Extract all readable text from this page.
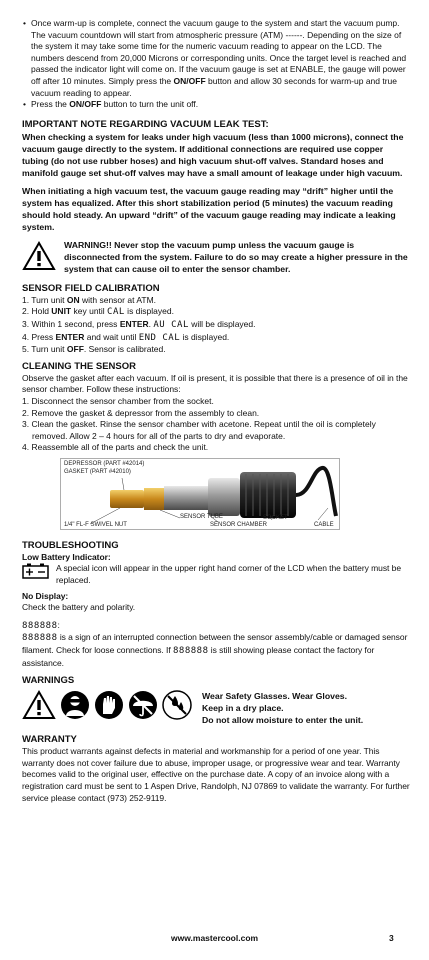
• Once warm-up is complete, connect the vacuum gauge to the system and start the vacuum pump. The vacuum countdown will start from atmospheric pressure (ATM) ------. Depending on the size of the system it may take some time for the numeric vacuum reading to appear on the LCD. The numbers descend from 20,000 Microns or corresponding units. Once the target level is reached and passed the indicator light will come on. If the vacuum gauge is set at ENABLE, the gauge will power off after 10 minutes. Simply press the ON/OFF button and allow 30 seconds for warm-up and true vacuum reading to appear.
• Press the ON/OFF button to turn the unit off.
IMPORTANT NOTE REGARDING VACUUM LEAK TEST:

When checking a system for leaks under high vacuum (less than 1000 microns), connect the vacuum gauge directly to the system. If additional connections are required use copper tubing (do not use rubber hoses) and high vacuum shut-off valves. Standard hoses and manifold gauge set shut-off valves may have a small amount of leakage under high vacuum.

When initiating a high vacuum test, the vacuum gauge reading may “drift” higher until the system has equalized. After this short stabilization period (5 minutes) the vacuum reading should hold steady. An upward “drift” of the vacuum gauge reading may indicate a leaking system.

WARNING!! Never stop the vacuum pump unless the vacuum gauge is disconnected from the system. Failure to do so may create a higher pressure in the system that can cause oil to enter the sensor chamber.

SENSOR FIELD CALIBRATION
1. Turn unit ON with sensor at ATM.
2. Hold UNIT key until CAL is displayed.
3. Within 1 second, press ENTER. AU CAL will be displayed.
4. Press ENTER and wait until END CAL is displayed.
5. Turn unit OFF. Sensor is calibrated.
CLEANING THE SENSOR

Observe the gasket after each vacuum. If oil is present, it is possible that there is a presence of oil in the sensor chamber. Follow these instructions:

1. Disconnect the sensor chamber from the socket.
2. Remove the gasket & depressor from the assembly to clean.
3. Clean the gasket. Rinse the sensor chamber with acetone. Repeat until the oil is completely removed. Allow 2 – 4 hours for all of the parts to dry and evaporate.
4. Reassemble all of the parts and check the unit.
DEPRESSOR (PART #42014)
GASKET (PART #42010)
SENSOR TUBE	SOCKET
1/4" FL-F SWIVEL NUT	SENSOR CHAMBER	CABLE
TROUBLESHOOTING

Low Battery Indicator:

A special icon will appear in the upper right hand corner of the LCD when the battery must be replaced.

No Display:

Check the battery and polarity.

888888:

888888 is a sign of an interrupted connection between the sensor assembly/cable or damaged sensor filament. Check for loose connections. If 888888 is still showing please contact the factory for assistance.

WARNINGS

Wear Safety Glasses. Wear Gloves.

Keep in a dry place.

Do not allow moisture to enter the unit.

WARRANTY

This product warrants against defects in material and workmanship for a period of one year. This warranty does not cover failure due to abuse, improper usage, or progressive wear and tear. Warranty becomes valid to the original user, effective on the purchase date. A copy of an invoice along with a registration card must be sent to 1 Aspen Drive, Randolph, NJ 07869 to validate the warranty. For further service please contact (973) 252-9119.

www.mastercool.com	3
